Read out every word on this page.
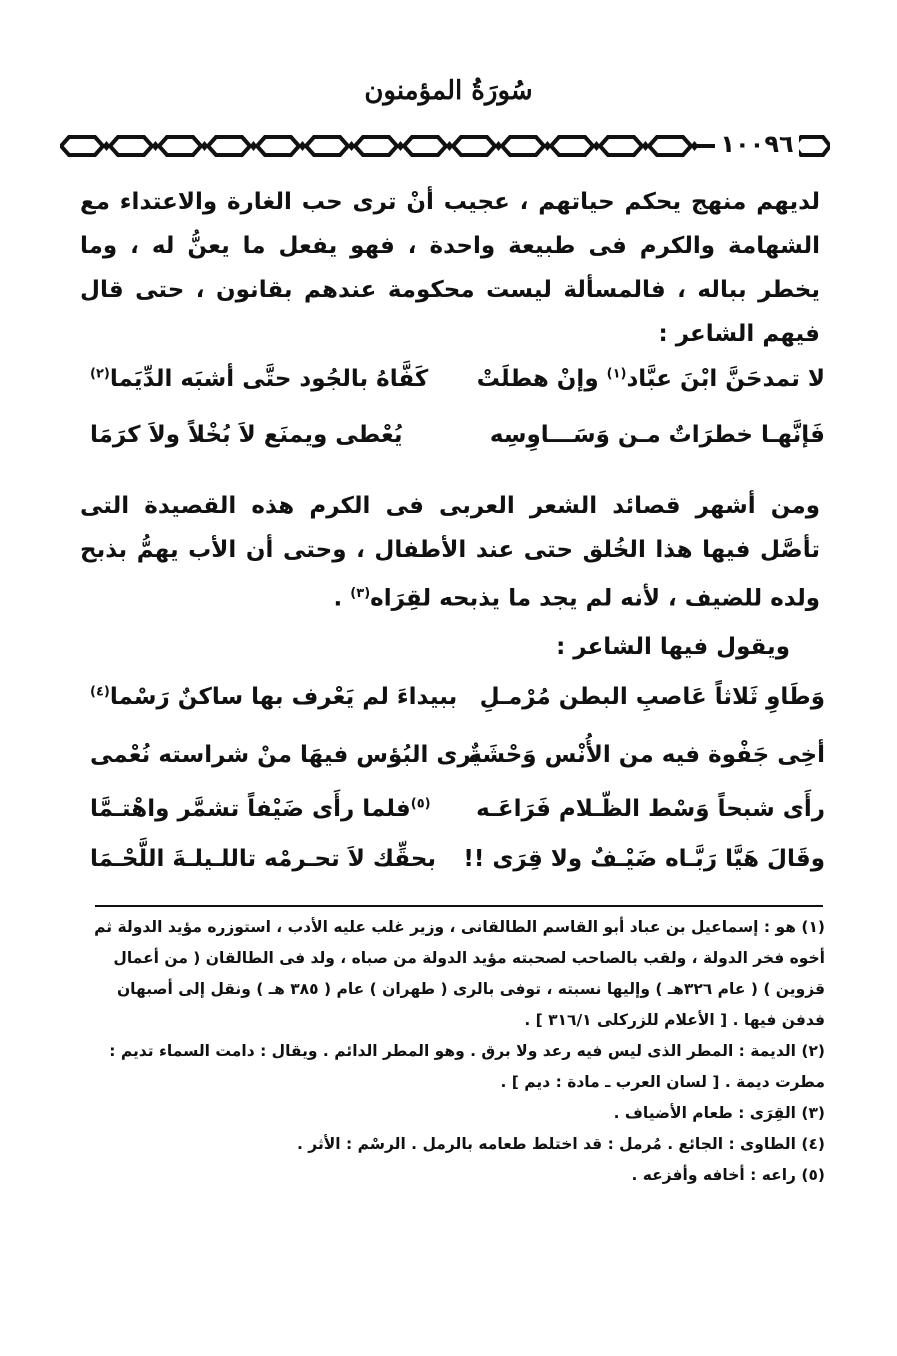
سُورَةُ المؤمنون
١٠٠٩٦

لديهم منهج يحكم حياتهم ، عجيب أنْ ترى حب الغارة والاعتداء مع الشهامة والكرم فى طبيعة واحدة ، فهو يفعل ما يعنُّ له ، وما يخطر بباله ، فالمسألة ليست محكومة عندهم بقانون ، حتى قال فيهم الشاعر :

لا تمدحَنَّ ابْنَ عبَّاد$^{(١)}$ وإنْ هطلَتْ
كَفَّاهُ بالجُود حتَّى أشبَه الدِّيَما$^{(٢)}$
فَإنَّهـا خطرَاتٌ مـن وَسَـــاوِسِه
يُعْطى ويمنَع لاَ بُخْلاً ولاَ كرَمَا

ومن أشهر قصائد الشعر العربى فى الكرم هذه القصيدة التى تأصَّل فيها هذا الخُلق حتى عند الأطفال ، وحتى أن الأب يهمُّ بذبح ولده للضيف ، لأنه لم يجد ما يذبحه لقِرَاه$^{(٣)}$ .

ويقول فيها الشاعر :

وَطَاوِ ثَلاثاً عَاصبِ البطن مُرْمـلِ
ببيداءَ لم يَعْرف بها ساكنٌ رَسْما$^{(٤)}$
أخِى جَفْوة فيه من الأُنْس وَحْشَةٌ
يرى البُؤس فيهَا منْ شراسته نُعْمى
رأَى شبحاً وَسْط الظّـلام فَرَاعَـه
$^{(٥)}$فلما رأَى ضَيْفاً تشمَّر واهْتـمَّا
وقَالَ هَيَّا رَبَّـاه ضَيْـفٌ ولا قِرَى !!
بحقِّك لاَ تحـرمْه تاللـيلـةَ اللَّحْـمَا

(١) هو : إسماعيل بن عباد أبو القاسم الطالقانى ، وزير غلب عليه الأدب ، استوزره مؤيد الدولة ثم أخوه فخر الدولة ، ولقب بالصاحب لصحبته مؤيد الدولة من صباه ، ولد فى الطالقان ( من أعمال قزوين ) ( عام ٣٢٦هـ ) وإليها نسبته ، توفى بالرى ( طهران ) عام ( ٣٨٥ هـ ) ونقل إلى أصبهان فدفن فيها . [ الأعلام للزركلى ٣١٦/١ ] .

(٢) الديمة : المطر الذى ليس فيه رعد ولا برق . وهو المطر الدائم . ويقال : دامت السماء تديم : مطرت ديمة . [ لسان العرب ـ مادة : ديم ] .

(٣) القِرَى : طعام الأضياف .

(٤) الطاوى : الجائع . مُرمل : قد اختلط طعامه بالرمل . الرسْم : الأثر .

(٥) راعه : أخافه وأفزعه .
